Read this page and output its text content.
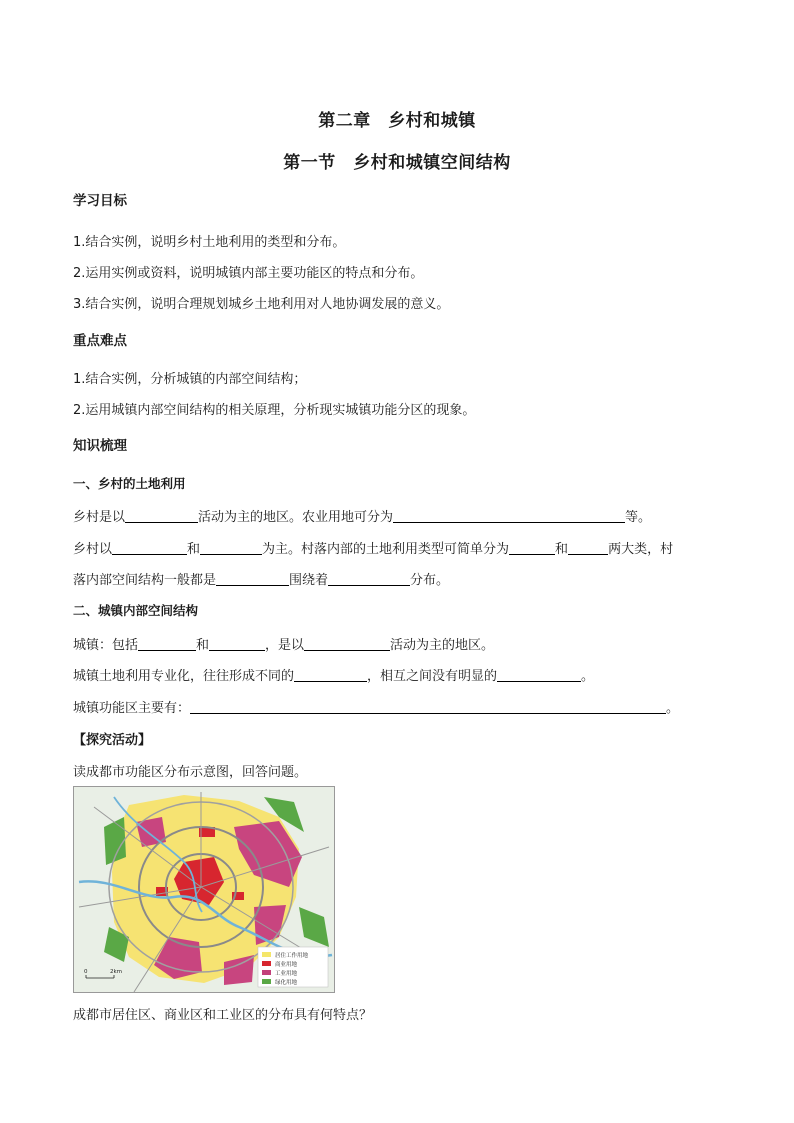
第二章　乡村和城镇
第一节　乡村和城镇空间结构
学习目标
1.结合实例，说明乡村土地利用的类型和分布。
2.运用实例或资料，说明城镇内部主要功能区的特点和分布。
3.结合实例，说明合理规划城乡土地利用对人地协调发展的意义。
重点难点
1.结合实例，分析城镇的内部空间结构；
2.运用城镇内部空间结构的相关原理，分析现实城镇功能分区的现象。
知识梳理
一、乡村的土地利用
乡村是以	活动为主的地区。农业用地可分为	等。
乡村以	和	为主。村落内部的土地利用类型可简单分为	和	两大类，村
落内部空间结构一般都是	围绕着	分布。
二、城镇内部空间结构
城镇：包括	和	，是以	活动为主的地区。
城镇土地利用专业化，往往形成不同的	，相互之间没有明显的	。
城镇功能区主要有：	。
【探究活动】
读成都市功能区分布示意图，回答问题。
居住工作用地
商业用地
工业用地
绿化用地
0	2km
成都市居住区、商业区和工业区的分布具有何特点？
